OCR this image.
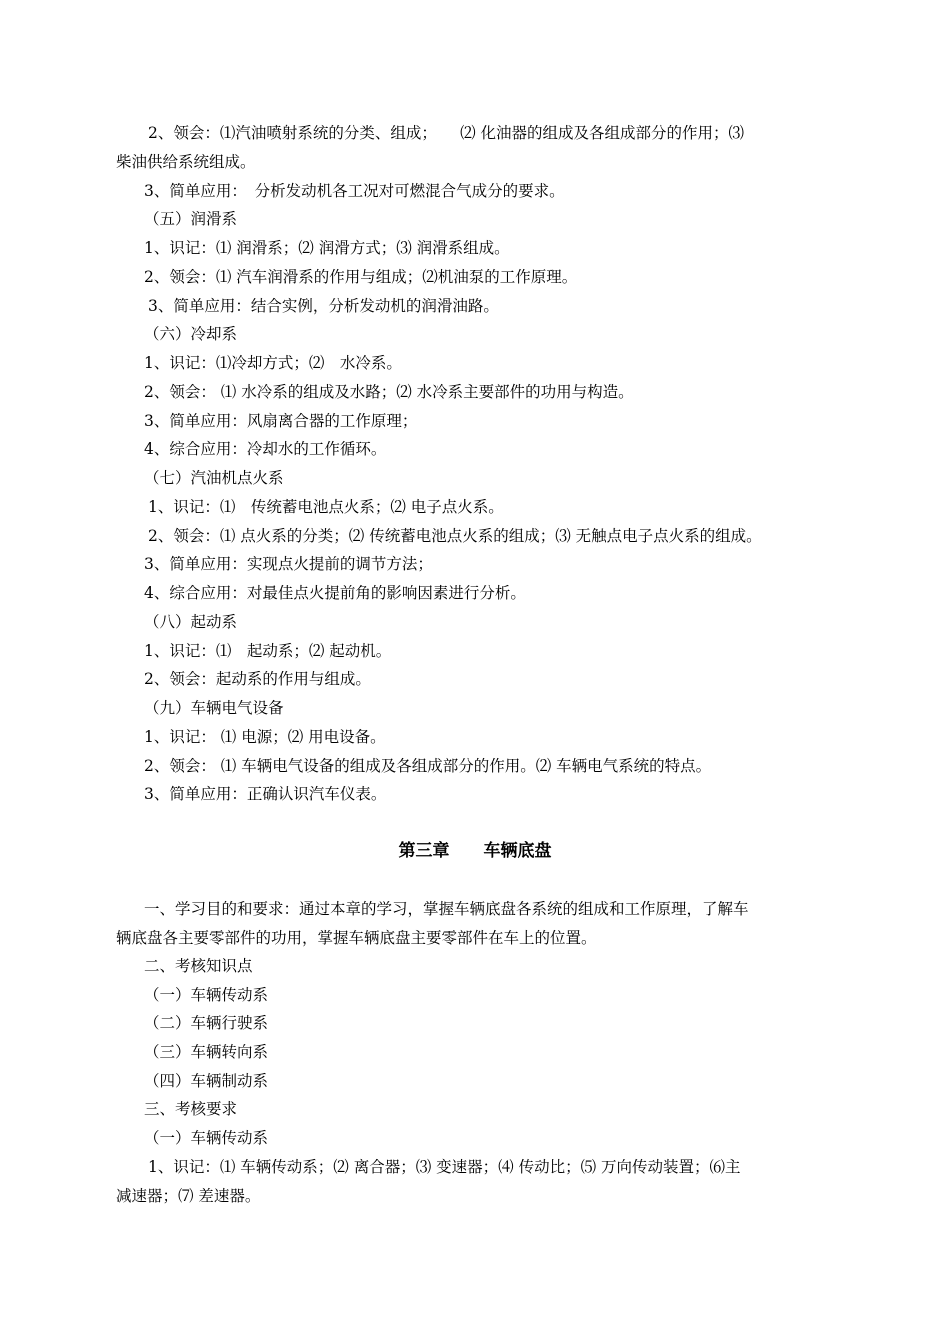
2、领会：⑴汽油喷射系统的分类、组成；　　⑵ 化油器的组成及各组成部分的作用；⑶
柴油供给系统组成。
3、简单应用：　分析发动机各工况对可燃混合气成分的要求。
（五）润滑系
1、识记：⑴ 润滑系；⑵ 润滑方式；⑶ 润滑系组成。
2、领会：⑴ 汽车润滑系的作用与组成；⑵机油泵的工作原理。
3、简单应用：结合实例，分析发动机的润滑油路。
（六）冷却系
1、识记：⑴冷却方式；⑵　水冷系。
2、领会： ⑴ 水冷系的组成及水路；⑵ 水冷系主要部件的功用与构造。
3、简单应用：风扇离合器的工作原理；
4、综合应用：冷却水的工作循环。
（七）汽油机点火系
1、识记：⑴　传统蓄电池点火系；⑵ 电子点火系。
2、领会：⑴ 点火系的分类；⑵ 传统蓄电池点火系的组成；⑶ 无触点电子点火系的组成。
3、简单应用：实现点火提前的调节方法；
4、综合应用：对最佳点火提前角的影响因素进行分析。
（八）起动系
1、识记：⑴　起动系；⑵ 起动机。
2、领会：起动系的作用与组成。
（九）车辆电气设备
1、识记： ⑴ 电源；⑵ 用电设备。
2、领会： ⑴ 车辆电气设备的组成及各组成部分的作用。⑵ 车辆电气系统的特点。
3、简单应用：正确认识汽车仪表。
第三章　　车辆底盘
一、学习目的和要求：通过本章的学习，掌握车辆底盘各系统的组成和工作原理，了解车
辆底盘各主要零部件的功用，掌握车辆底盘主要零部件在车上的位置。
二、考核知识点
（一）车辆传动系
（二）车辆行驶系
（三）车辆转向系
（四）车辆制动系
三、考核要求
（一）车辆传动系
1、识记：⑴ 车辆传动系；⑵ 离合器；⑶ 变速器；⑷ 传动比；⑸ 万向传动装置；⑹主
减速器；⑺ 差速器。
